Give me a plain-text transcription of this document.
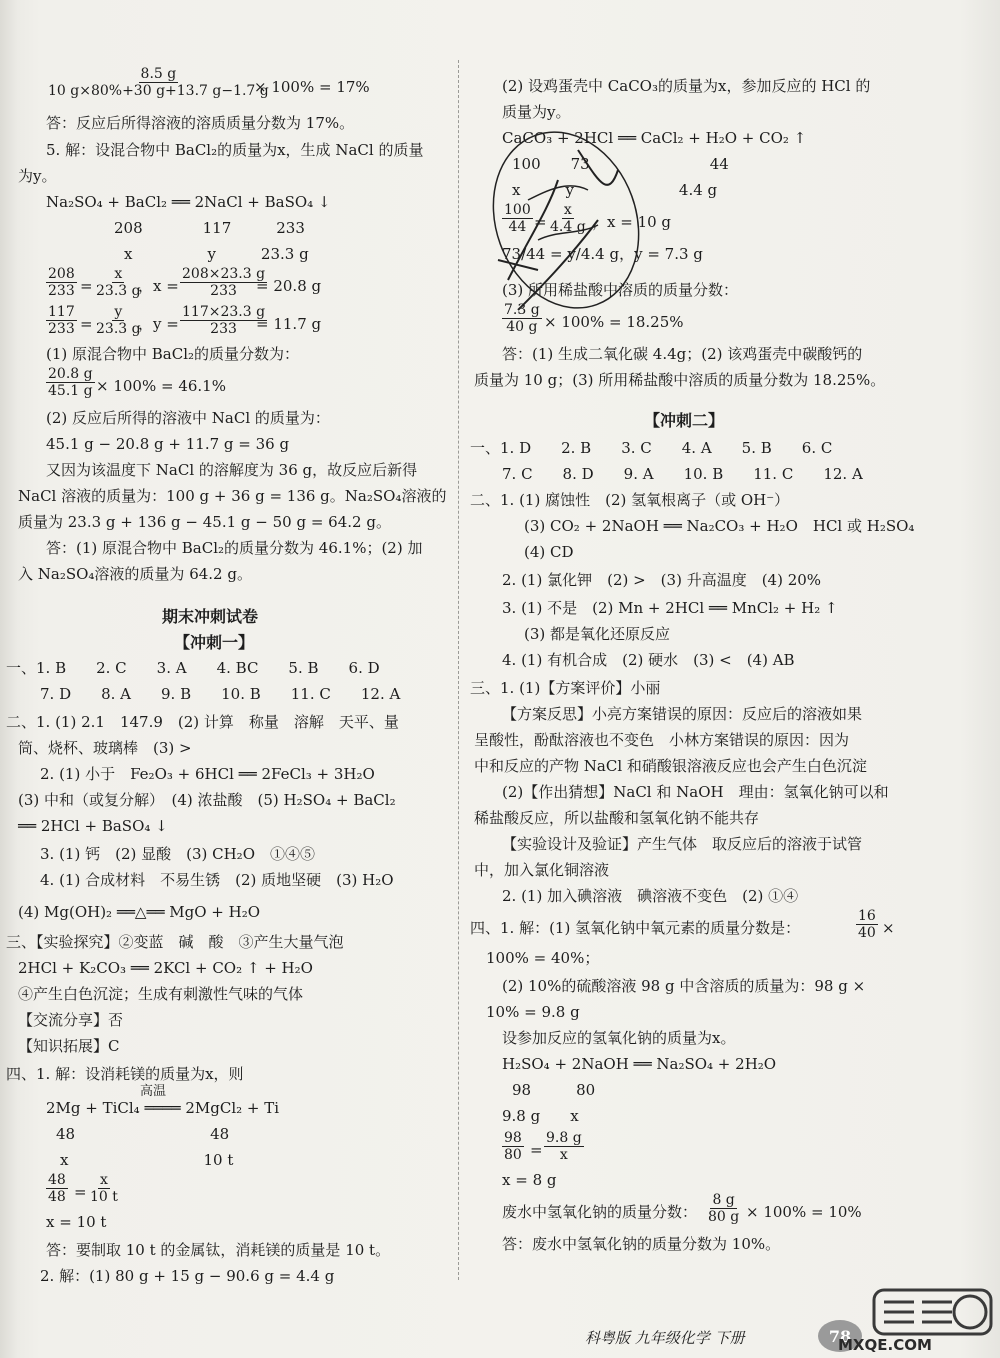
$\frac{8.5 g}{10 g\times 80\%+30 g+13.7 g-1.7 g}$
× 100% = 17%
答：反应后所得溶液的溶质质量分数为 17%。
5. 解：设混合物中 BaCl₂的质量为x，生成 NaCl 的质量
为y。
Na₂SO₄ + BaCl₂ ══ 2NaCl + BaSO₄ ↓
208　　　　117　　　233
x　　　　　y　　　23.3 g
$\frac{208}{233} = \frac{x}{23.3 g}$
，$x = \frac{208\times 23.3 g}{233}$
= 20.8 g
$\frac{117}{233} = \frac{y}{23.3 g}$
，$y = \frac{117\times 23.3 g}{233}$
= 11.7 g
(1) 原混合物中 BaCl₂的质量分数为：
$\frac{20.8 g}{45.1 g} \times 100\% = 46.1\%$
(2) 反应后所得的溶液中 NaCl 的质量为：
45.1 g − 20.8 g + 11.7 g = 36 g
又因为该温度下 NaCl 的溶解度为 36 g，故反应后新得
NaCl 溶液的质量为：100 g + 36 g = 136 g。Na₂SO₄溶液的
质量为 23.3 g + 136 g − 45.1 g − 50 g = 64.2 g。
答：(1) 原混合物中 BaCl₂的质量分数为 46.1%；(2) 加
入 Na₂SO₄溶液的质量为 64.2 g。
期末冲刺试卷
【冲刺一】
一、1. B　　2. C　　3. A　　4. BC　　5. B　　6. D
7. D　　8. A　　9. B　　10. B　　11. C　　12. A
二、1. (1) 2.1　147.9　(2) 计算　称量　溶解　天平、量
筒、烧杯、玻璃棒　(3) >
2. (1) 小于　Fe₂O₃ + 6HCl ══ 2FeCl₃ + 3H₂O
(3) 中和（或复分解）　(4) 浓盐酸　(5) H₂SO₄ + BaCl₂
══ 2HCl + BaSO₄ ↓
3. (1) 钙　(2) 显酸　(3) CH₂O　①④⑤
4. (1) 合成材料　不易生锈　(2) 质地坚硬　(3) H₂O
(4) Mg(OH)₂ ══△══ MgO + H₂O
三、【实验探究】②变蓝　碱　酸　③产生大量气泡
2HCl + K₂CO₃ ══ 2KCl + CO₂ ↑ + H₂O
④产生白色沉淀；生成有刺激性气味的气体
【交流分享】否
【知识拓展】C
四、1. 解：设消耗镁的质量为x，则
高温
2Mg + TiCl₄ ════ 2MgCl₂ + Ti
48　　　　　　　　　48
x　　　　　　　　　10 t
$\frac{48}{48} = \frac{x}{10 t}$
x = 10 t
答：要制取 10 t 的金属钛，消耗镁的质量是 10 t。
2. 解：(1) 80 g + 15 g − 90.6 g = 4.4 g
(2) 设鸡蛋壳中 CaCO₃的质量为x，参加反应的 HCl 的
质量为y。
CaCO₃ + 2HCl ══ CaCl₂ + H₂O + CO₂ ↑
100　　73　　　　　　　　44
x　　　y　　　　　　　4.4 g
$\frac{100}{44} = \frac{x}{4.4 g}$ ，x = 10 g
73/44 = y/4.4 g，y = 7.3 g
(3) 所用稀盐酸中溶质的质量分数：
$\frac{7.3 g}{40 g} \times 100\% = 18.25\%$
答：(1) 生成二氧化碳 4.4g；(2) 该鸡蛋壳中碳酸钙的
质量为 10 g；(3) 所用稀盐酸中溶质的质量分数为 18.25%。
【冲刺二】
一、1. D　　2. B　　3. C　　4. A　　5. B　　6. C
7. C　　8. D　　9. A　　10. B　　11. C　　12. A
二、1. (1) 腐蚀性　(2) 氢氧根离子（或 OH⁻）
(3) CO₂ + 2NaOH ══ Na₂CO₃ + H₂O　HCl 或 H₂SO₄
(4) CD
2. (1) 氯化钾　(2) >　(3) 升高温度　(4) 20%
3. (1) 不是　(2) Mn + 2HCl ══ MnCl₂ + H₂ ↑
(3) 都是氧化还原反应
4. (1) 有机合成　(2) 硬水　(3) <　(4) AB
三、1. (1)【方案评价】小丽
【方案反思】小亮方案错误的原因：反应后的溶液如果
呈酸性，酚酞溶液也不变色　小林方案错误的原因：因为
中和反应的产物 NaCl 和硝酸银溶液反应也会产生白色沉淀
(2)【作出猜想】NaCl 和 NaOH　理由：氢氧化钠可以和
稀盐酸反应，所以盐酸和氢氧化钠不能共存
【实验设计及验证】产生气体　取反应后的溶液于试管
中，加入氯化铜溶液
2. (1) 加入碘溶液　碘溶液不变色　(2) ①④
四、1. 解：(1) 氢氧化钠中氧元素的质量分数是：	$\frac{16}{40}$ ×
100% = 40%；
(2) 10%的硫酸溶液 98 g 中含溶质的质量为：98 g ×
10% = 9.8 g
设参加反应的氢氧化钠的质量为x。
H₂SO₄ + 2NaOH ══ Na₂SO₄ + 2H₂O
98　　　80
9.8 g　　x
$\frac{98}{80} = \frac{9.8 g}{x}$
x = 8 g
废水中氢氧化钠的质量分数： $\frac{8 g}{80 g} \times 100\% = 10\%$
答：废水中氢氧化钠的质量分数为 10%。
科粤版 九年级化学 下册	78
MXQE.COM
